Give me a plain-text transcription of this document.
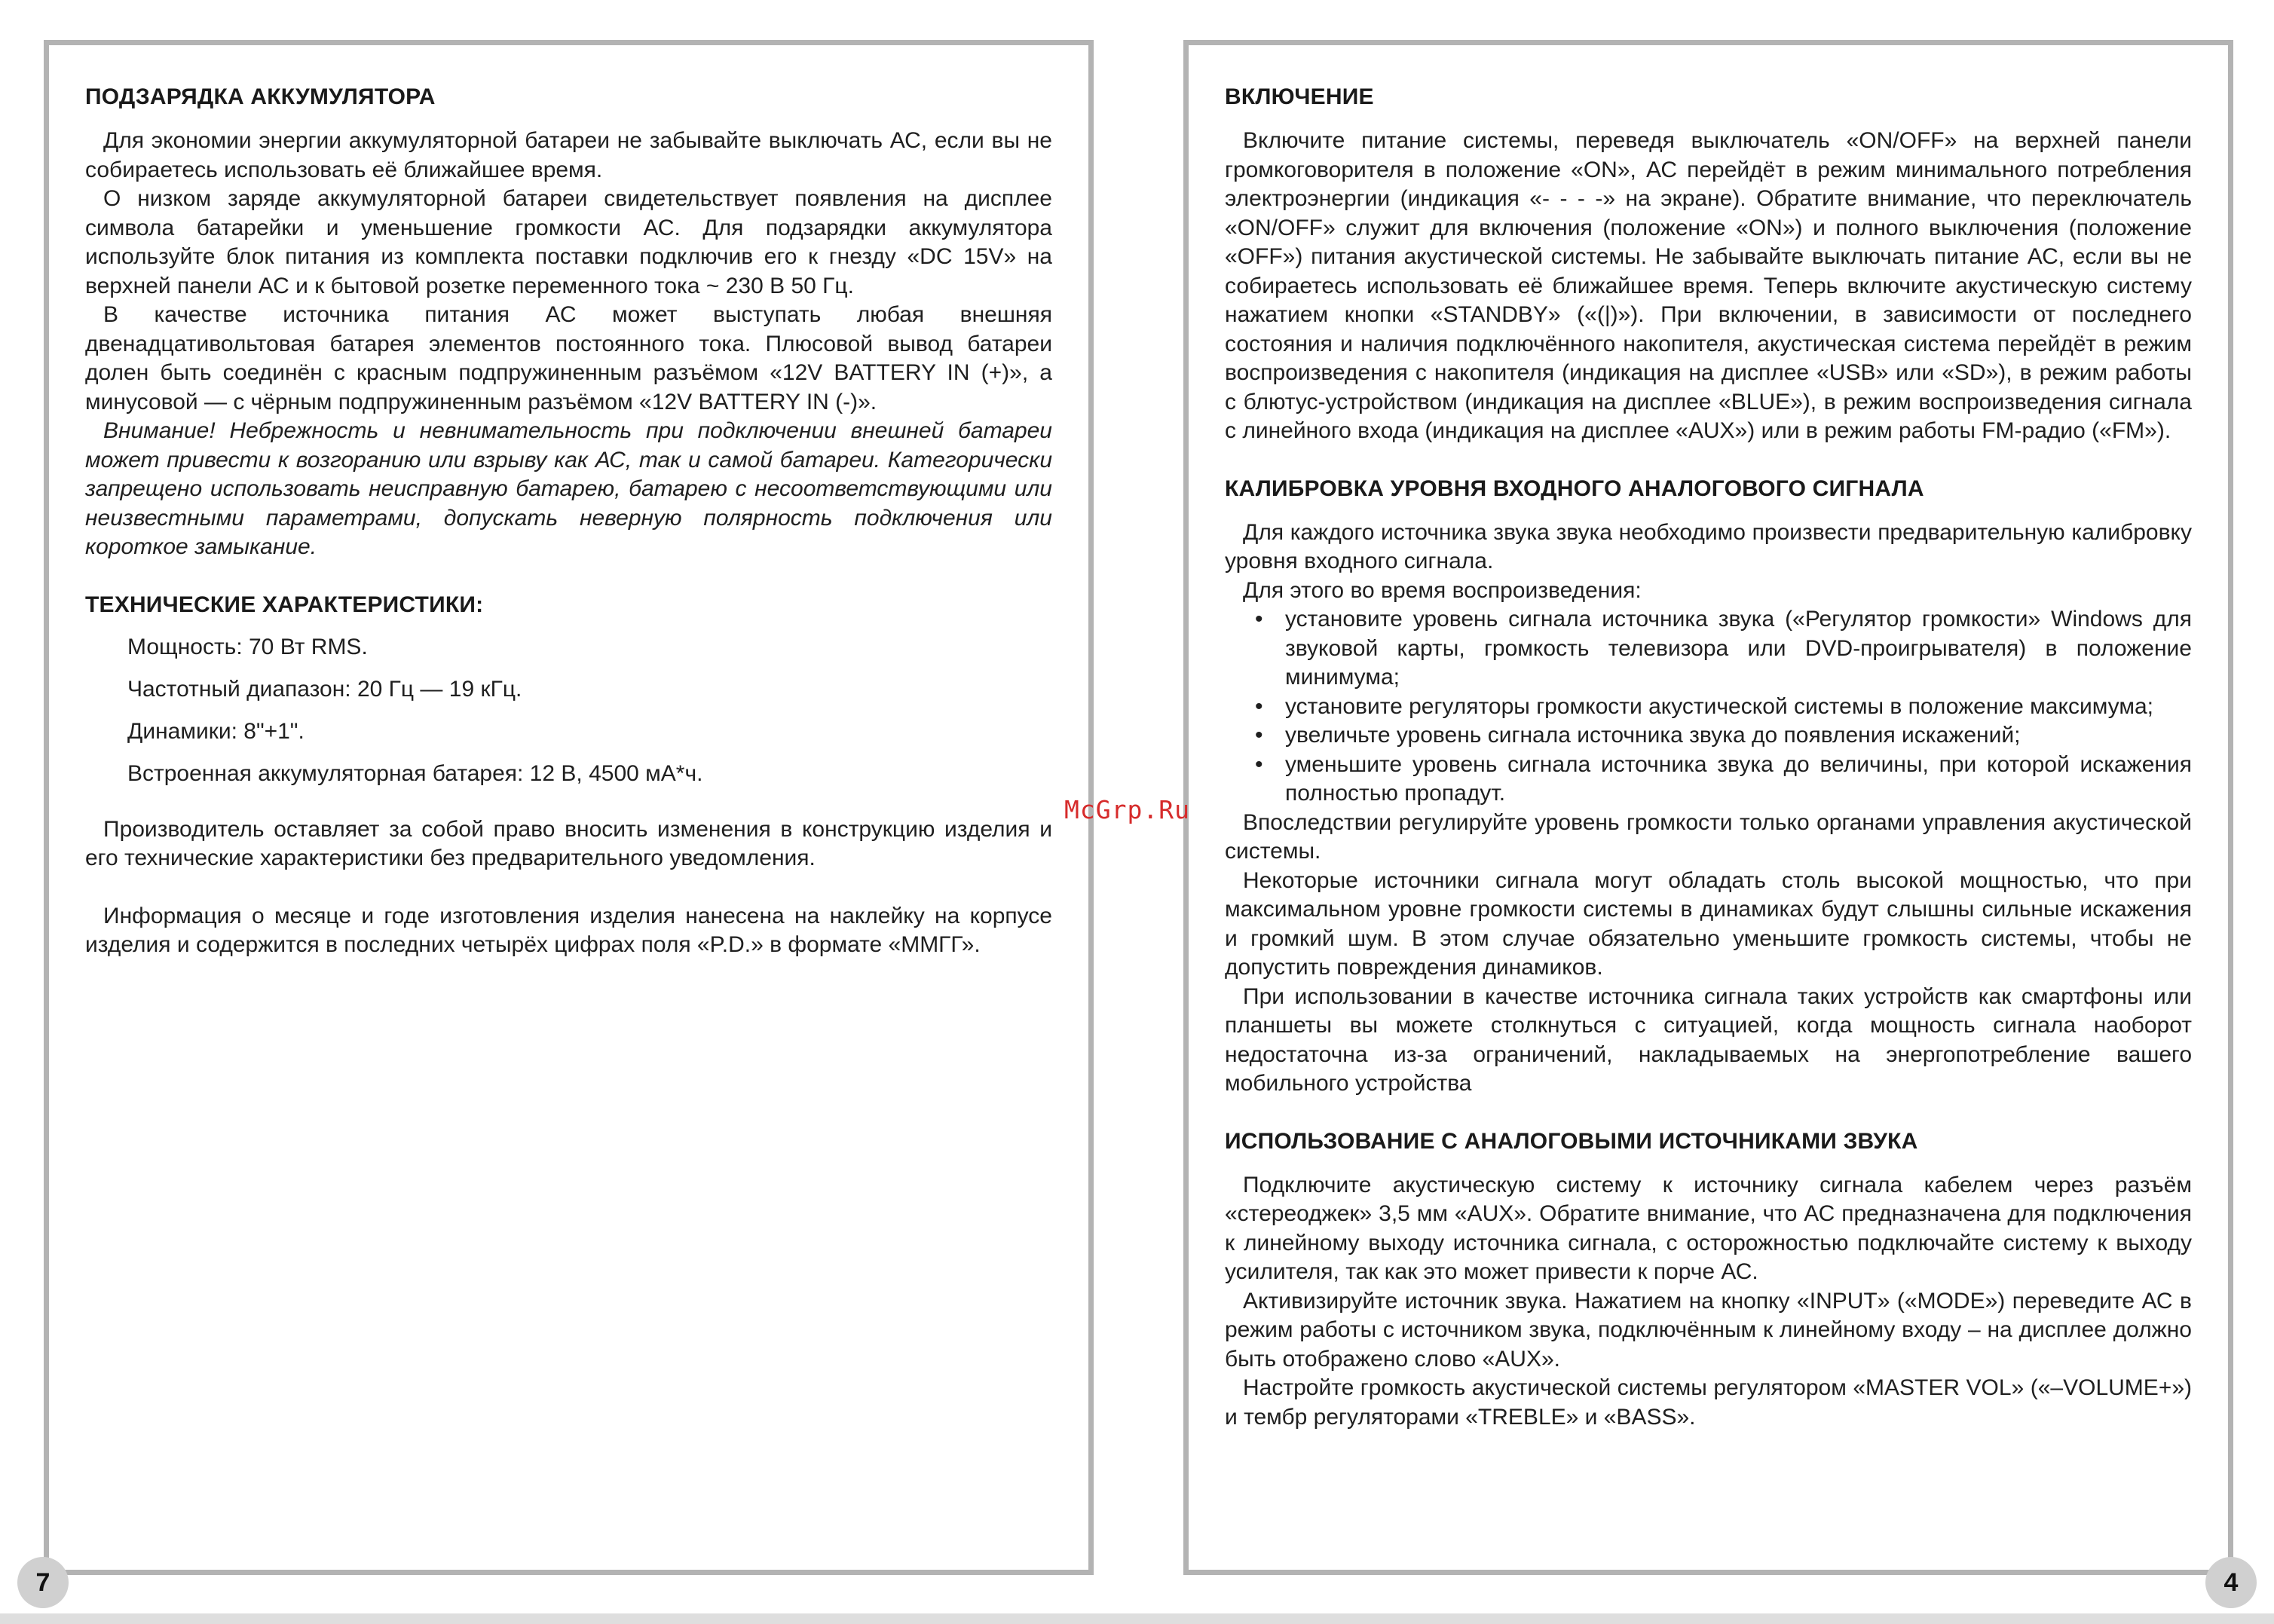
ПОДЗАРЯДКА АККУМУЛЯТОРА

Для экономии энергии аккумуляторной батареи не забывайте выключать АС, если вы не собираетесь использовать её ближайшее время.

О низком заряде аккумуляторной батареи свидетельствует появления на дисплее символа батарейки и уменьшение громкости АС. Для подзарядки аккумулятора используйте блок питания из комплекта поставки подключив его к гнезду «DC 15V» на верхней панели АС и к бытовой розетке переменного тока ~ 230 В 50 Гц.

В качестве источника питания АС может выступать любая внешняя двенадцативольтовая батарея элементов постоянного тока. Плюсовой вывод батареи долен быть соединён с красным подпружиненным разъёмом «12V BATTERY IN (+)», а минусовой — с чёрным подпружиненным разъёмом «12V BATTERY IN (-)».

Внимание! Небрежность и невнимательность при подключении внешней батареи может привести к возгоранию или взрыву как АС, так и самой батареи. Категорически запрещено использовать неисправную батарею, батарею с несоответствующими или неизвестными параметрами, допускать неверную полярность подключения или короткое замыкание.

ТЕХНИЧЕСКИЕ ХАРАКТЕРИСТИКИ:
Мощность: 70 Вт RMS.
Частотный диапазон: 20 Гц — 19 кГц.
Динамики: 8"+1".
Встроенная аккумуляторная батарея: 12 В, 4500 мА*ч.

Производитель оставляет за собой право вносить изменения в конструкцию изделия и его технические характеристики без предварительного уведомления.

Информация о месяце и годе изготовления изделия нанесена на наклейку на корпусе изделия и содержится в последних четырёх цифрах поля «P.D.» в формате «ММГГ».

ВКЛЮЧЕНИЕ

Включите питание системы, переведя выключатель «ON/OFF» на верхней панели громкоговорителя в положение «ON», АС перейдёт в режим минимального потребления электроэнергии (индикация «- - - -» на экране). Обратите внимание, что переключатель «ON/OFF» служит для включения (положение «ON») и полного выключения (положение «OFF») питания акустической системы. Не забывайте выключать питание АС, если вы не собираетесь использовать её ближайшее время. Теперь включите акустическую систему нажатием кнопки «STANDBY» («(|)»). При включении, в зависимости от последнего состояния и наличия подключённого накопителя, акустическая система перейдёт в режим воспроизведения с накопителя (индикация на дисплее «USB» или «SD»), в режим работы с блютус-устройством (индикация на дисплее «BLUE»), в режим воспроизведения сигнала с линейного входа (индикация на дисплее «AUX») или в режим работы FM-радио («FM»).

КАЛИБРОВКА УРОВНЯ ВХОДНОГО АНАЛОГОВОГО СИГНАЛА

Для каждого источника звука звука необходимо произвести предварительную калибровку уровня входного сигнала.

Для этого во время воспроизведения:

• установите уровень сигнала источника звука («Регулятор громкости» Windows для звуковой карты, громкость телевизора или DVD-проигрывателя) в положение минимума;
• установите регуляторы громкости акустической системы в положение максимума;
• увеличьте уровень сигнала источника звука до появления искажений;
• уменьшите уровень сигнала источника звука до величины, при которой искажения полностью пропадут.

Впоследствии регулируйте уровень громкости только органами управления акустической системы.

Некоторые источники сигнала могут обладать столь высокой мощностью, что при максимальном уровне громкости системы в динамиках будут слышны сильные искажения и громкий шум. В этом случае обязательно уменьшите громкость системы, чтобы не допустить повреждения динамиков.

При использовании в качестве источника сигнала таких устройств как смартфоны или планшеты вы можете столкнуться с ситуацией, когда мощность сигнала наоборот недостаточна из-за ограничений, накладываемых на энергопотребление вашего мобильного устройства

ИСПОЛЬЗОВАНИЕ С АНАЛОГОВЫМИ ИСТОЧНИКАМИ ЗВУКА

Подключите акустическую систему к источнику сигнала кабелем через разъём «стереоджек» 3,5 мм «AUX». Обратите внимание, что АС предназначена для подключения к линейному выходу источника сигнала, с осторожностью подключайте систему к выходу усилителя, так как это может привести к порче АС.

Активизируйте источник звука. Нажатием на кнопку «INPUT» («MODE») переведите АС в режим работы с источником звука, подключённым к линейному входу – на дисплее должно быть отображено слово «AUX».

Настройте громкость акустической системы регулятором «MASTER VOL» («–VOLUME+») и тембр регуляторами «TREBLE» и «BASS».

7	4
McGrp.Ru
